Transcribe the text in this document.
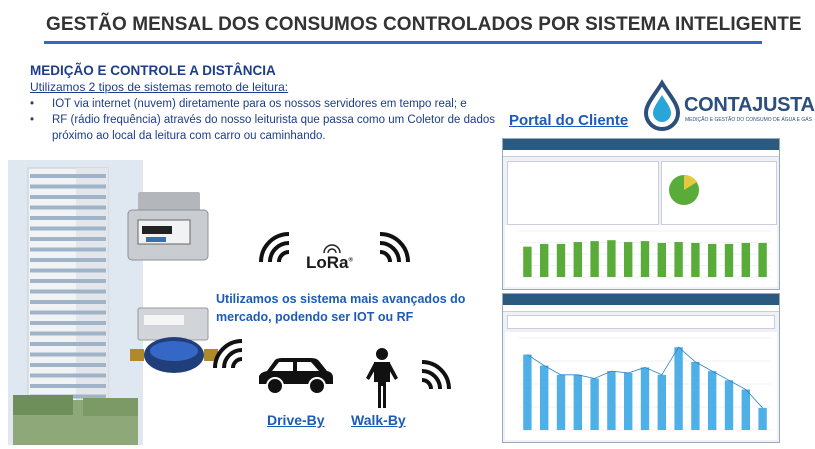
GESTÃO MENSAL DOS CONSUMOS CONTROLADOS POR SISTEMA INTELIGENTE
MEDIÇÃO E CONTROLE A DISTÂNCIA
Utilizamos 2 tipos de sistemas remoto de leitura:
• IOT via internet (nuvem) diretamente para os nossos servidores em tempo real; e
• RF (rádio frequência) através do nosso leiturista que passa como um Coletor de dados próximo ao local da leitura com carro ou caminhando.
CONTAJUSTA
MEDIÇÃO E GESTÃO DO CONSUMO DE ÁGUA E GÁS
Portal do Cliente
LoRa®
Utilizamos os sistema mais avançados do mercado, podendo ser IOT ou RF
Drive-By Walk-By
